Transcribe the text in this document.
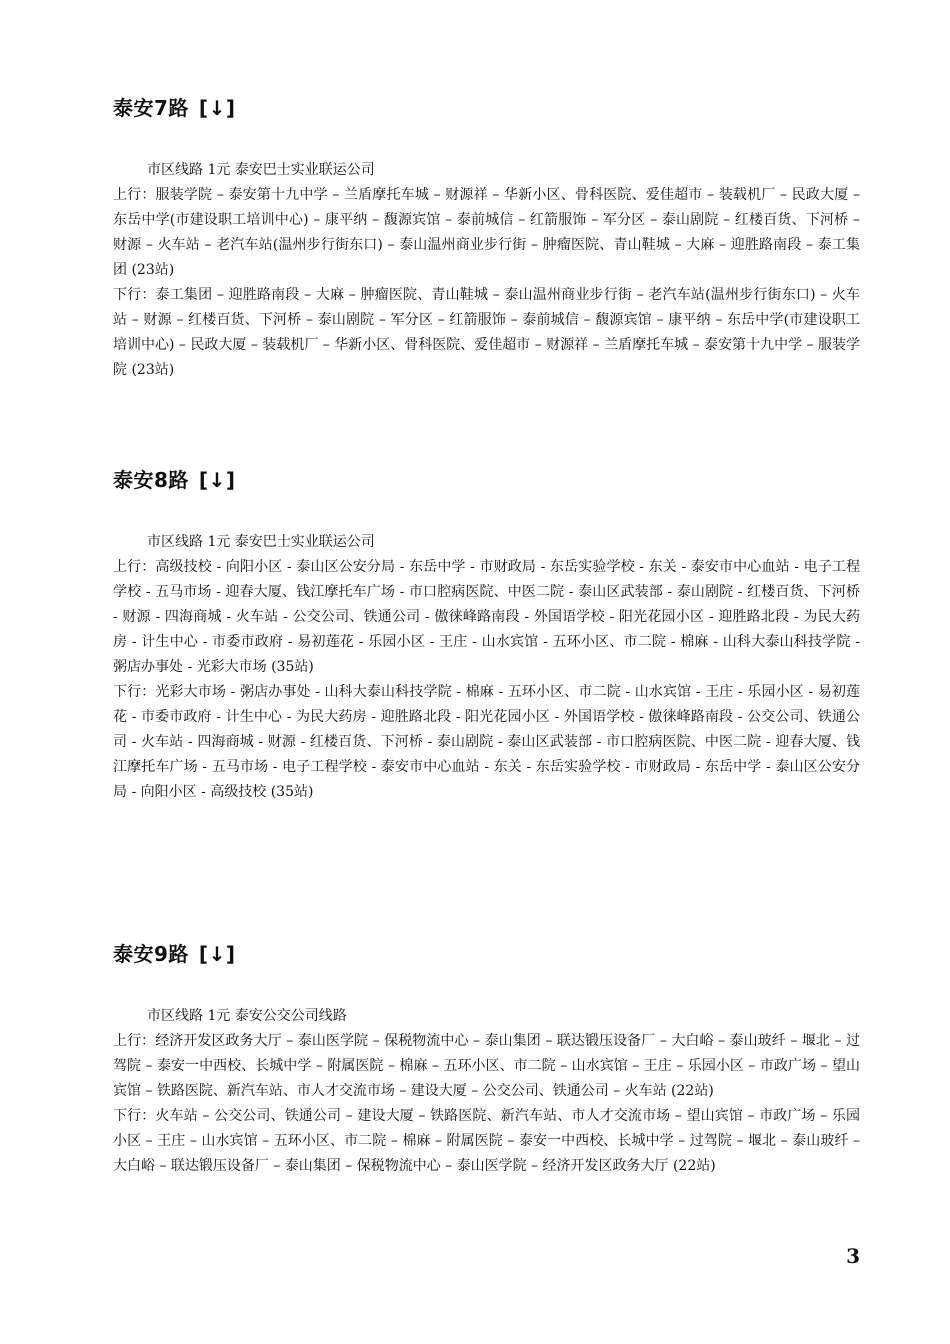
泰安7路 [↓]

市区线路 1元 泰安巴士实业联运公司

上行：服装学院 – 泰安第十九中学 – 兰盾摩托车城 – 财源祥 – 华新小区、骨科医院、爱佳超市 – 装载机厂 – 民政大厦 – 东岳中学(市建设职工培训中心) – 康平纳 – 馥源宾馆 – 泰前城信 – 红箭服饰 – 军分区 – 泰山剧院 – 红楼百货、下河桥 – 财源 – 火车站 – 老汽车站(温州步行街东口) – 泰山温州商业步行街 – 肿瘤医院、青山鞋城 – 大麻 – 迎胜路南段 – 泰工集团 (23站)

下行：泰工集团 – 迎胜路南段 – 大麻 – 肿瘤医院、青山鞋城 – 泰山温州商业步行街 – 老汽车站(温州步行街东口) – 火车站 – 财源 – 红楼百货、下河桥 – 泰山剧院 – 军分区 – 红箭服饰 – 泰前城信 – 馥源宾馆 – 康平纳 – 东岳中学(市建设职工培训中心) – 民政大厦 – 装载机厂 – 华新小区、骨科医院、爱佳超市 – 财源祥 – 兰盾摩托车城 – 泰安第十九中学 – 服装学院 (23站)

泰安8路 [↓]

市区线路 1元 泰安巴士实业联运公司

上行：高级技校 - 向阳小区 - 泰山区公安分局 - 东岳中学 - 市财政局 - 东岳实验学校 - 东关 - 泰安市中心血站 - 电子工程学校 - 五马市场 - 迎春大厦、钱江摩托车广场 - 市口腔病医院、中医二院 - 泰山区武装部 - 泰山剧院 - 红楼百货、下河桥 - 财源 - 四海商城 - 火车站 - 公交公司、铁通公司 - 傲徕峰路南段 - 外国语学校 - 阳光花园小区 - 迎胜路北段 - 为民大药房 - 计生中心 - 市委市政府 - 易初莲花 - 乐园小区 - 王庄 - 山水宾馆 - 五环小区、市二院 - 棉麻 - 山科大泰山科技学院 - 粥店办事处 - 光彩大市场 (35站)

下行：光彩大市场 - 粥店办事处 - 山科大泰山科技学院 - 棉麻 - 五环小区、市二院 - 山水宾馆 - 王庄 - 乐园小区 - 易初莲花 - 市委市政府 - 计生中心 - 为民大药房 - 迎胜路北段 - 阳光花园小区 - 外国语学校 - 傲徕峰路南段 - 公交公司、铁通公司 - 火车站 - 四海商城 - 财源 - 红楼百货、下河桥 - 泰山剧院 - 泰山区武装部 - 市口腔病医院、中医二院 - 迎春大厦、钱江摩托车广场 - 五马市场 - 电子工程学校 - 泰安市中心血站 - 东关 - 东岳实验学校 - 市财政局 - 东岳中学 - 泰山区公安分局 - 向阳小区 - 高级技校 (35站)

泰安9路 [↓]

市区线路 1元 泰安公交公司线路

上行：经济开发区政务大厅 – 泰山医学院 – 保税物流中心 – 泰山集团 – 联达锻压设备厂 – 大白峪 – 泰山玻纤 – 堰北 – 过驾院 – 泰安一中西校、长城中学 – 附属医院 – 棉麻 – 五环小区、市二院 – 山水宾馆 – 王庄 – 乐园小区 – 市政广场 – 望山宾馆 – 铁路医院、新汽车站、市人才交流市场 – 建设大厦 – 公交公司、铁通公司 – 火车站 (22站)

下行：火车站 – 公交公司、铁通公司 – 建设大厦 – 铁路医院、新汽车站、市人才交流市场 – 望山宾馆 – 市政广场 – 乐园小区 – 王庄 – 山水宾馆 – 五环小区、市二院 – 棉麻 – 附属医院 – 泰安一中西校、长城中学 – 过驾院 – 堰北 – 泰山玻纤 – 大白峪 – 联达锻压设备厂 – 泰山集团 – 保税物流中心 – 泰山医学院 – 经济开发区政务大厅 (22站)

3
